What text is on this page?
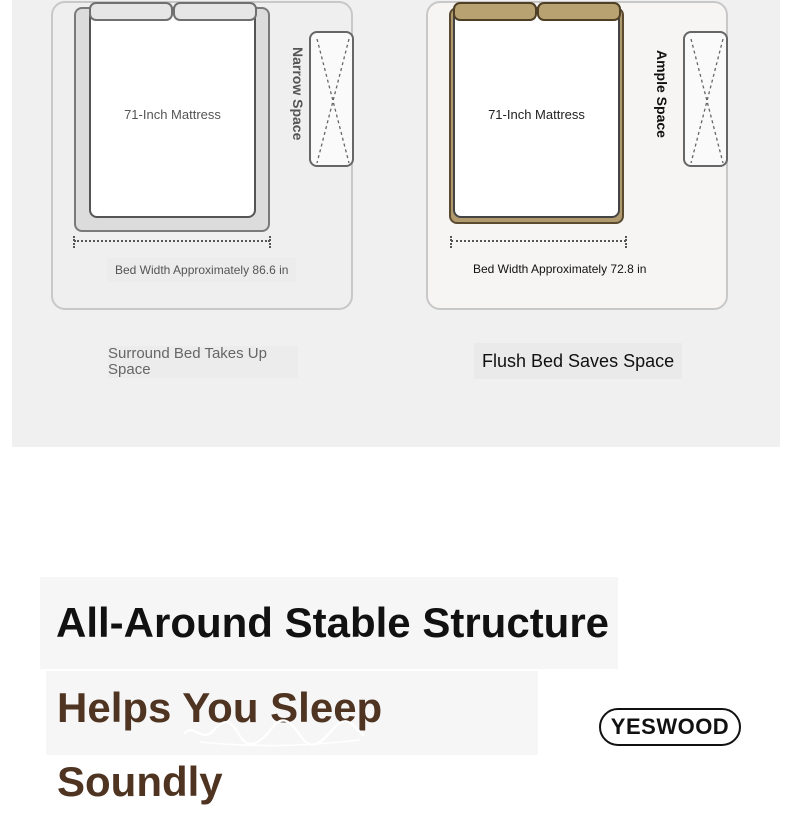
71-Inch Mattress	Narrow Space
Bed Width Approximately 86.6 in
Surround Bed Takes Up Space
71-Inch Mattress	Ample Space
Bed Width Approximately 72.8 in
Flush Bed Saves Space
All-Around Stable Structure
Helps You Sleep Soundly
YESWOOD
